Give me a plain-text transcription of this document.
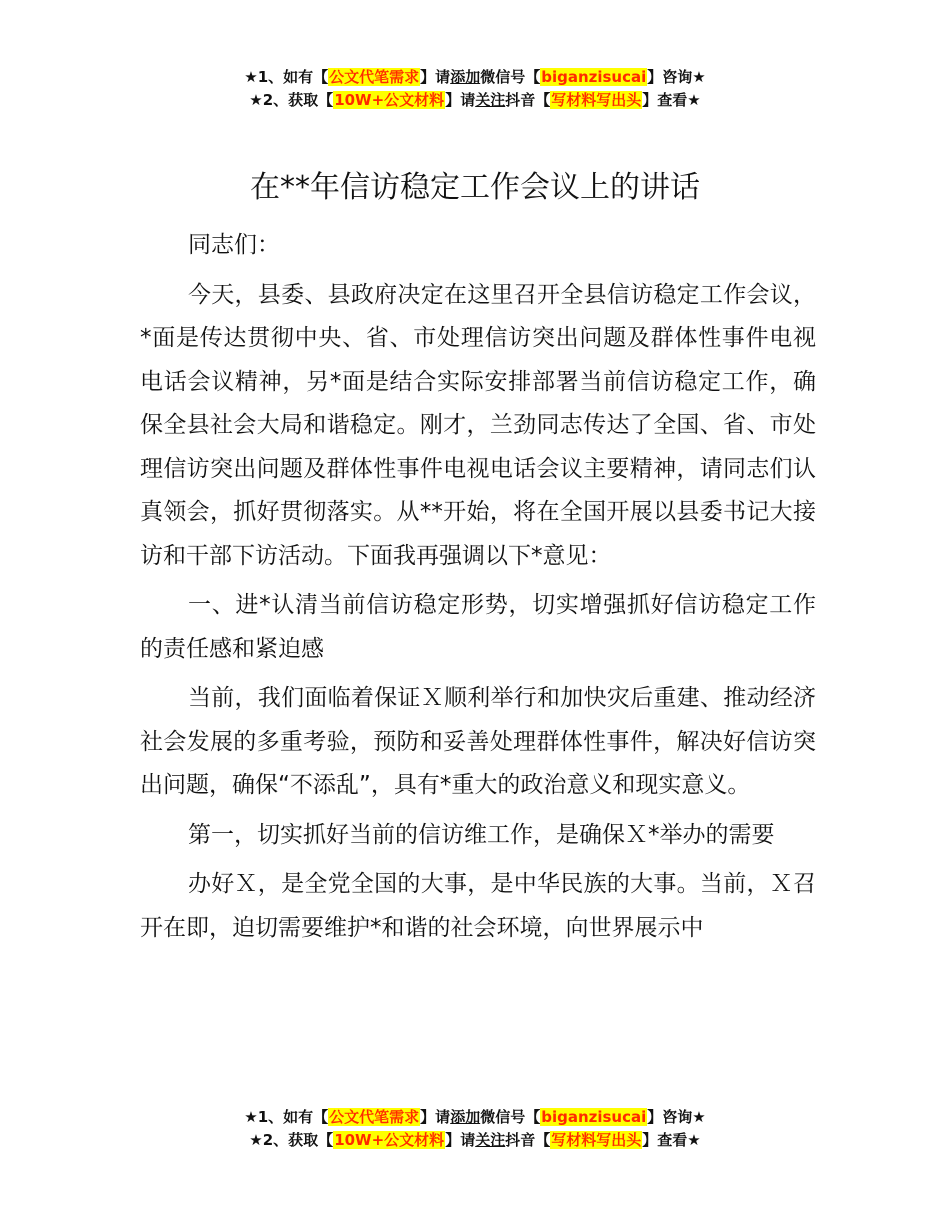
★1、如有【公文代笔需求】请添加微信号【biganzisucai】咨询★
★2、获取【10W+公文材料】请关注抖音【写材料写出头】查看★
在**年信访稳定工作会议上的讲话

同志们：

今天，县委、县政府决定在这里召开全县信访稳定工作会议，*面是传达贯彻中央、省、市处理信访突出问题及群体性事件电视电话会议精神，另*面是结合实际安排部署当前信访稳定工作，确保全县社会大局和谐稳定。刚才，兰劲同志传达了全国、省、市处理信访突出问题及群体性事件电视电话会议主要精神，请同志们认真领会，抓好贯彻落实。从**开始，将在全国开展以县委书记大接访和干部下访活动。下面我再强调以下*意见：

一、进*认清当前信访稳定形势，切实增强抓好信访稳定工作的责任感和紧迫感

当前，我们面临着保证Ｘ顺利举行和加快灾后重建、推动经济社会发展的多重考验，预防和妥善处理群体性事件，解决好信访突出问题，确保“不添乱”，具有*重大的政治意义和现实意义。

第一，切实抓好当前的信访维工作，是确保Ｘ*举办的需要

办好Ｘ，是全党全国的大事，是中华民族的大事。当前，Ｘ召开在即，迫切需要维护*和谐的社会环境，向世界展示中

★1、如有【公文代笔需求】请添加微信号【biganzisucai】咨询★
★2、获取【10W+公文材料】请关注抖音【写材料写出头】查看★
